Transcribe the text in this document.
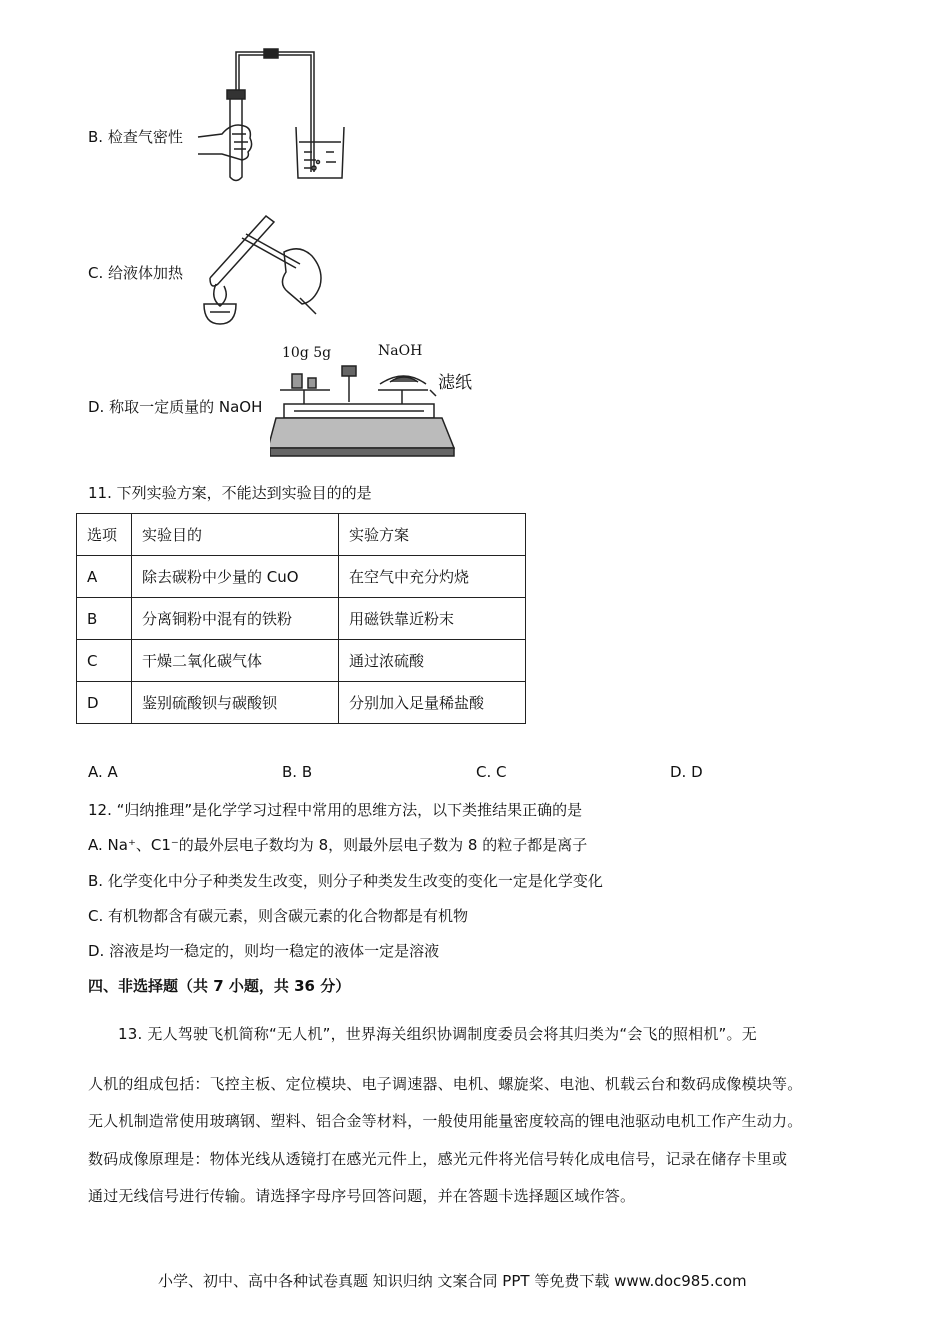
B. 检查气密性
C. 给液体加热
D. 称取一定质量的 NaOH
10g 5g	NaOH
滤纸
11. 下列实验方案，不能达到实验目的的是
选项	实验目的	实验方案
A	除去碳粉中少量的 CuO	在空气中充分灼烧
B	分离铜粉中混有的铁粉	用磁铁靠近粉末
C	干燥二氧化碳气体	通过浓硫酸
D	鉴别硫酸钡与碳酸钡	分别加入足量稀盐酸
A. A	B. B	C. C	D. D
12. “归纳推理”是化学学习过程中常用的思维方法，以下类推结果正确的是
A. Na⁺、C1⁻的最外层电子数均为 8，则最外层电子数为 8 的粒子都是离子
B. 化学变化中分子种类发生改变，则分子种类发生改变的变化一定是化学变化
C. 有机物都含有碳元素，则含碳元素的化合物都是有机物
D. 溶液是均一稳定的，则均一稳定的液体一定是溶液
四、非选择题（共 7 小题，共 36 分）
13. 无人驾驶飞机简称“无人机”，世界海关组织协调制度委员会将其归类为“会飞的照相机”。无
人机的组成包括：飞控主板、定位模块、电子调速器、电机、螺旋桨、电池、机载云台和数码成像模块等。
无人机制造常使用玻璃钢、塑料、铝合金等材料，一般使用能量密度较高的锂电池驱动电机工作产生动力。
数码成像原理是：物体光线从透镜打在感光元件上，感光元件将光信号转化成电信号，记录在储存卡里或
通过无线信号进行传输。请选择字母序号回答问题，并在答题卡选择题区域作答。
小学、初中、高中各种试卷真题 知识归纳 文案合同 PPT 等免费下载 www.doc985.com
